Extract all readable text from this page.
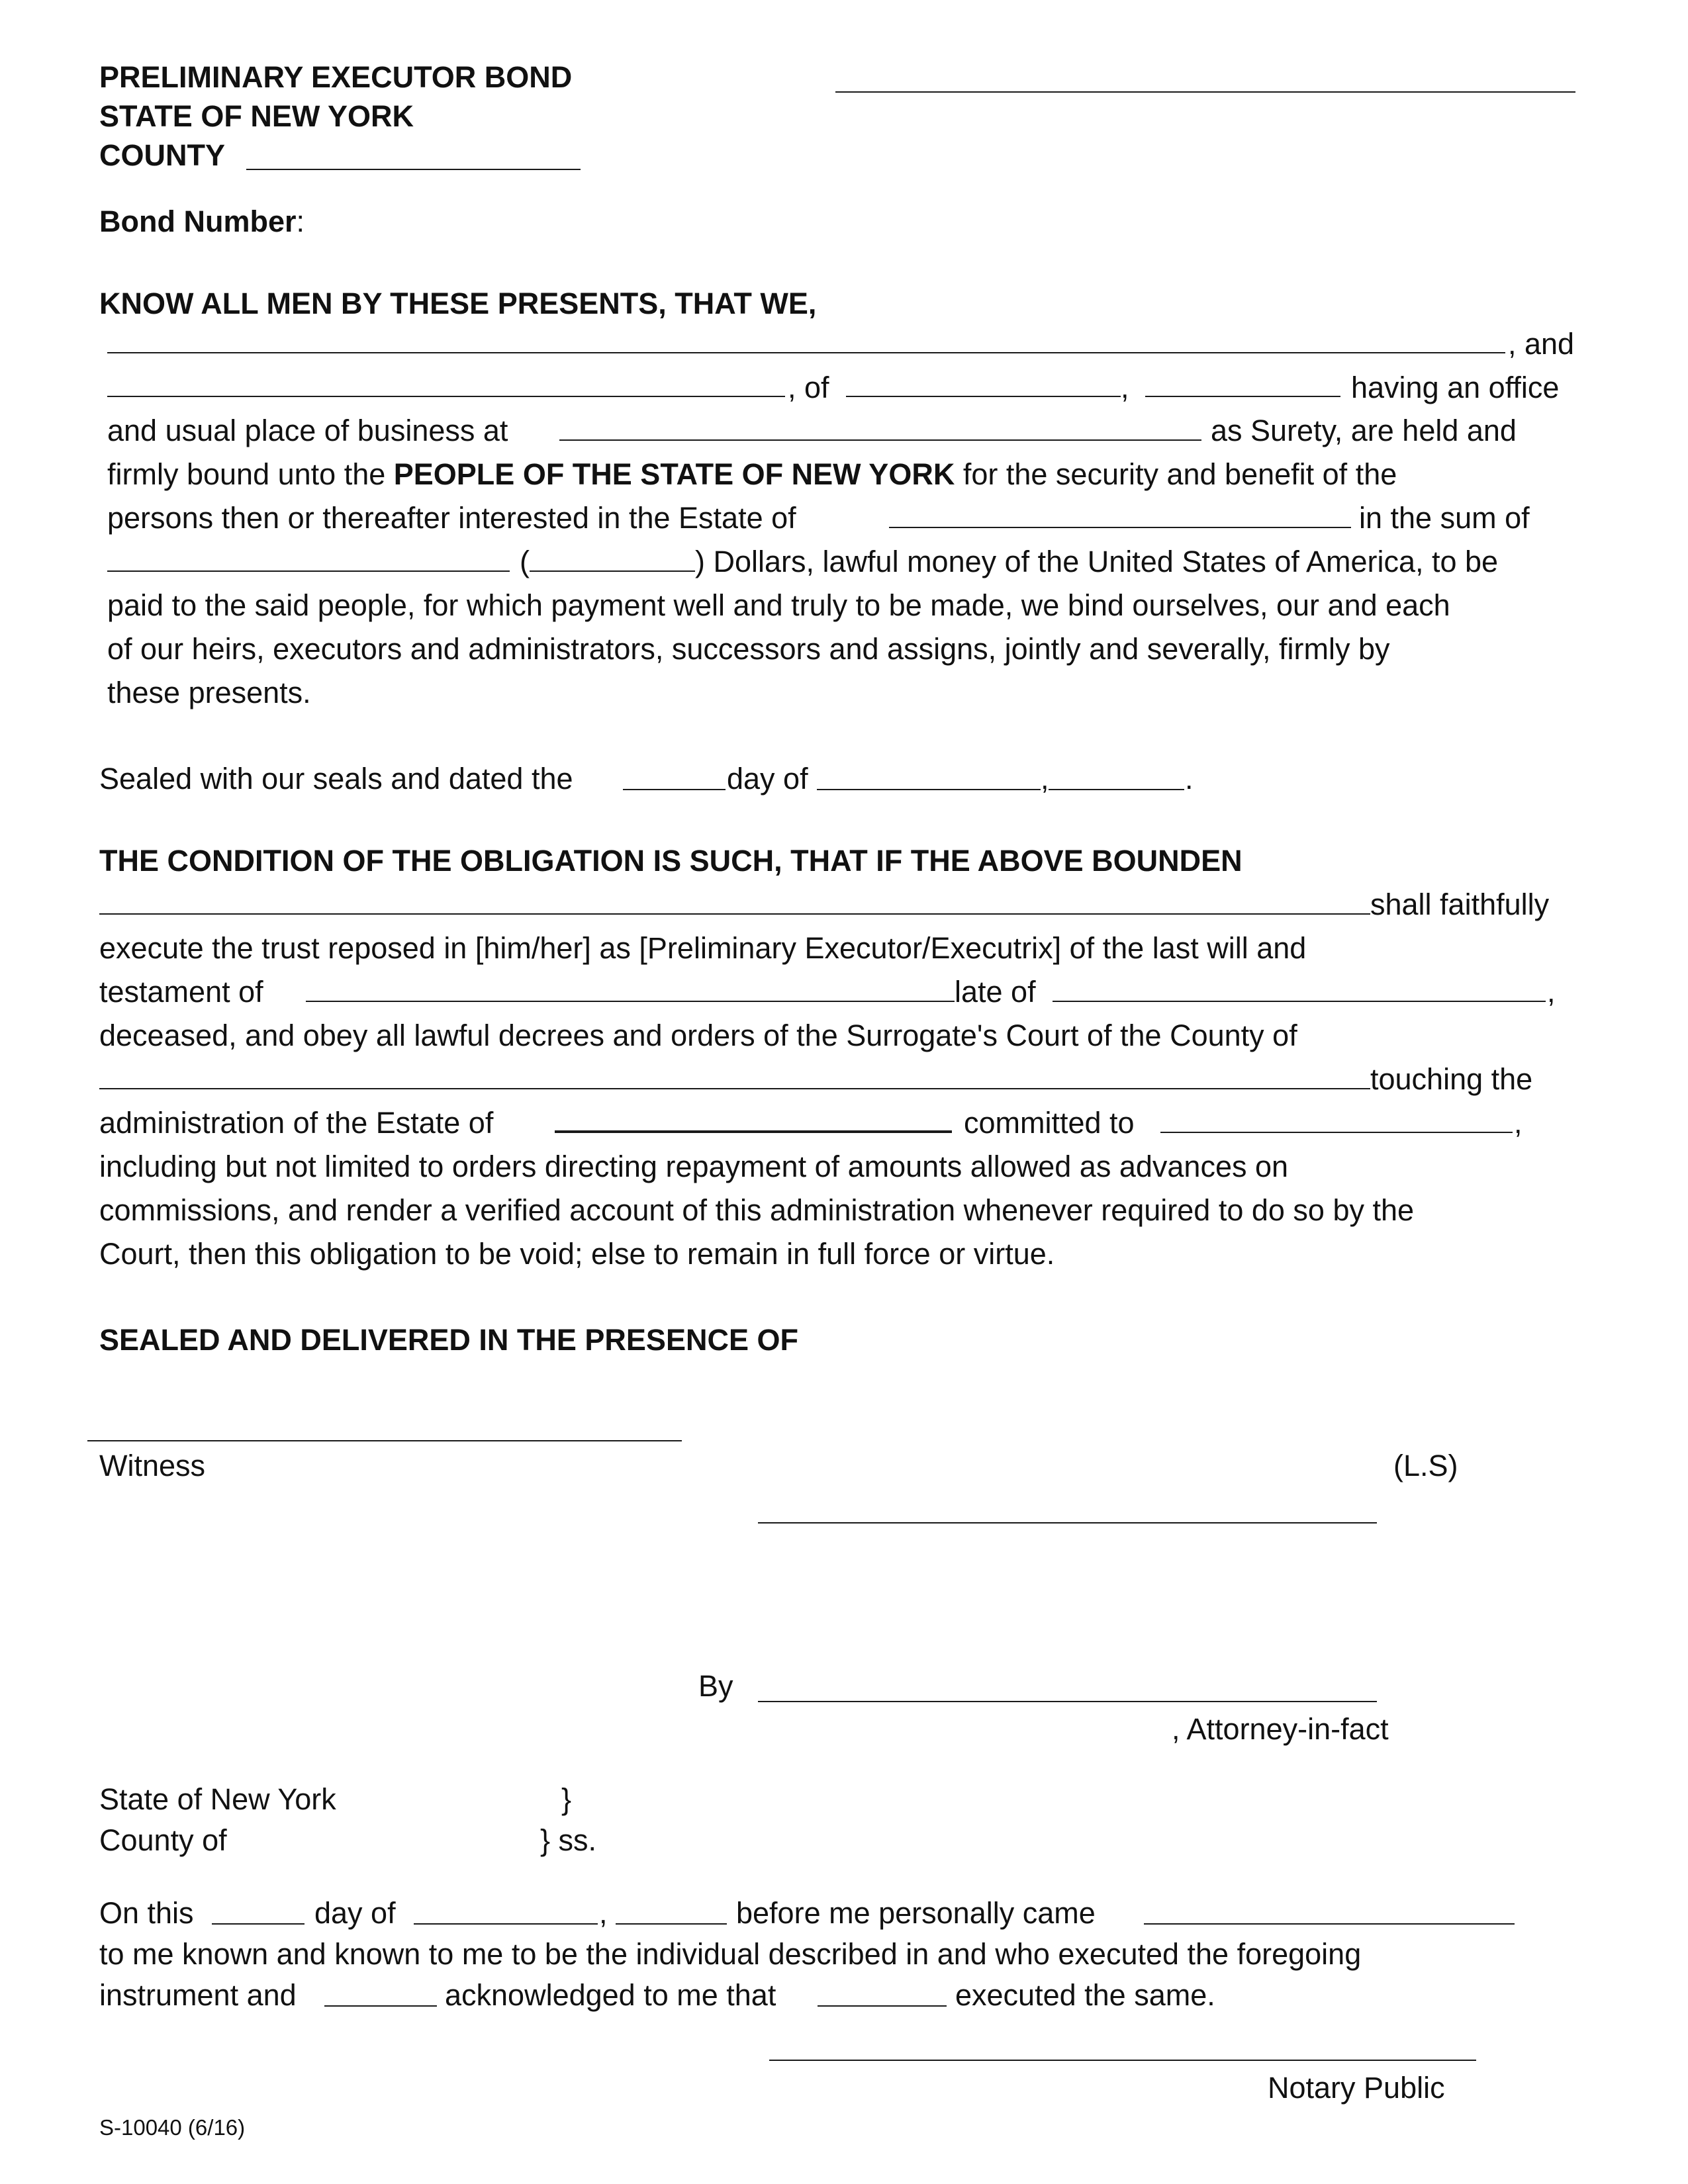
PRELIMINARY EXECUTOR BOND
STATE OF NEW YORK
COUNTY
Bond Number:
KNOW ALL MEN BY THESE PRESENTS, THAT WE,
, and
, of	,	having an office
and usual place of business at	as Surety, are held and
firmly bound unto the PEOPLE OF THE STATE OF NEW YORK for the security and benefit of the
persons then or thereafter interested in the Estate of	in the sum of
(	) Dollars, lawful money of the United States of America, to be
paid to the said people, for which payment well and truly to be made, we bind ourselves, our and each
of our heirs, executors and administrators, successors and assigns, jointly and severally, firmly by
these presents.
Sealed with our seals and dated the	day of	,	.
THE CONDITION OF THE OBLIGATION IS SUCH, THAT IF THE ABOVE BOUNDEN
shall faithfully
execute the trust reposed in [him/her] as [Preliminary Executor/Executrix] of the last will and
testament of	late of	,
deceased, and obey all lawful decrees and orders of the Surrogate's Court of the County of
touching the
administration of the Estate of	committed to	,
including but not limited to orders directing repayment of amounts allowed as advances on
commissions, and render a verified account of this administration whenever required to do so by the
Court, then this obligation to be void; else to remain in full force or virtue.
SEALED AND DELIVERED IN THE PRESENCE OF
Witness	(L.S)
By
, Attorney-in-fact
State of New York	}
County of	} ss.
On this	day of	,	before me personally came
to me known and known to me to be the individual described in and who executed the foregoing
instrument and	acknowledged to me that	executed the same.
Notary Public
S-10040 (6/16)
